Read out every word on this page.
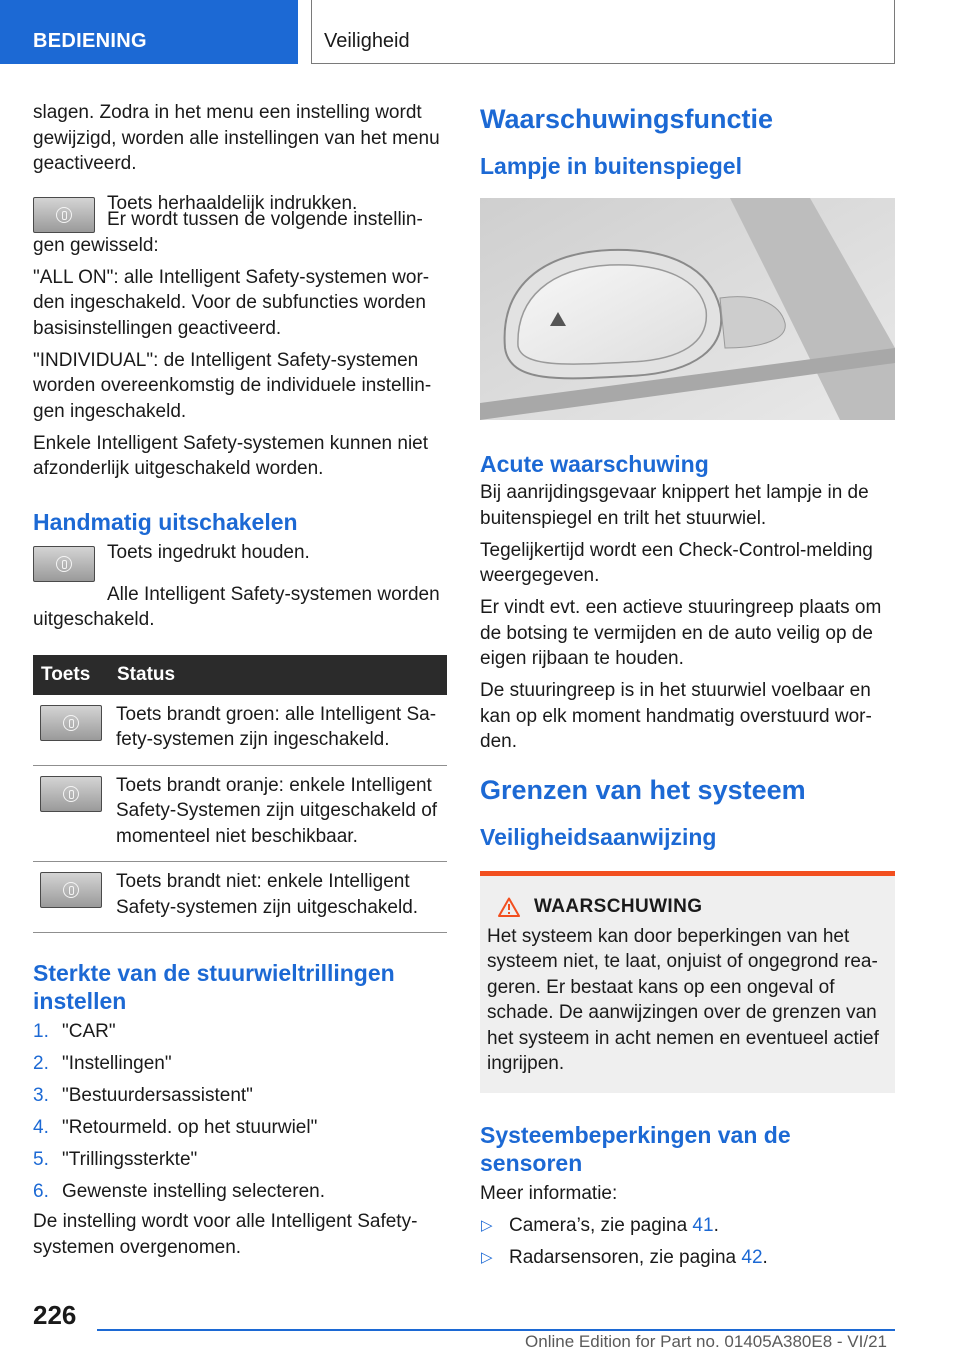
BEDIENING	Veiligheid

slagen. Zodra in het menu een instelling wordt gewijzigd, worden alle instellingen van het menu geactiveerd.

Toets herhaaldelijk indrukken.

Er wordt tussen de volgende instellingen gewisseld:

"ALL ON": alle Intelligent Safety-systemen worden ingeschakeld. Voor de subfuncties worden basisinstellingen geactiveerd.

"INDIVIDUAL": de Intelligent Safety-systemen worden overeenkomstig de individuele instellingen ingeschakeld.

Enkele Intelligent Safety-systemen kunnen niet afzonderlijk uitgeschakeld worden.

Handmatig uitschakelen

Toets ingedrukt houden.

Alle Intelligent Safety-systemen worden uitgeschakeld.

Toets	Status

	Toets brandt groen: alle Intelligent Safety-systemen zijn ingeschakeld.

	Toets brandt oranje: enkele Intelligent Safety-Systemen zijn uitgeschakeld of momenteel niet beschikbaar.

	Toets brandt niet: enkele Intelligent Safety-systemen zijn uitgeschakeld.
Sterkte van de stuurwieltrillingen instellen
1. "CAR"
2. "Instellingen"
3. "Bestuurdersassistent"
4. "Retourmeld. op het stuurwiel"
5. "Trillingssterkte"
6. Gewenste instelling selecteren.

De instelling wordt voor alle Intelligent Safety-systemen overgenomen.

Waarschuwingsfunctie
Lampje in buitenspiegel
Acute waarschuwing

Bij aanrijdingsgevaar knippert het lampje in de buitenspiegel en trilt het stuurwiel.

Tegelijkertijd wordt een Check-Control-melding weergegeven.

Er vindt evt. een actieve stuuringreep plaats om de botsing te vermijden en de auto veilig op de eigen rijbaan te houden.

De stuuringreep is in het stuurwiel voelbaar en kan op elk moment handmatig overstuurd worden.

Grenzen van het systeem
Veiligheidsaanwijzing
WAARSCHUWING

Het systeem kan door beperkingen van het systeem niet, te laat, onjuist of ongegrond reageren. Er bestaat kans op een ongeval of schade. De aanwijzingen over de grenzen van het systeem in acht nemen en eventueel actief ingrijpen.

Systeembeperkingen van de sensoren

Meer informatie:

▷ Camera’s, zie pagina 41.
▷ Radarsensoren, zie pagina 42.
226
Online Edition for Part no. 01405A380E8 - VI/21
